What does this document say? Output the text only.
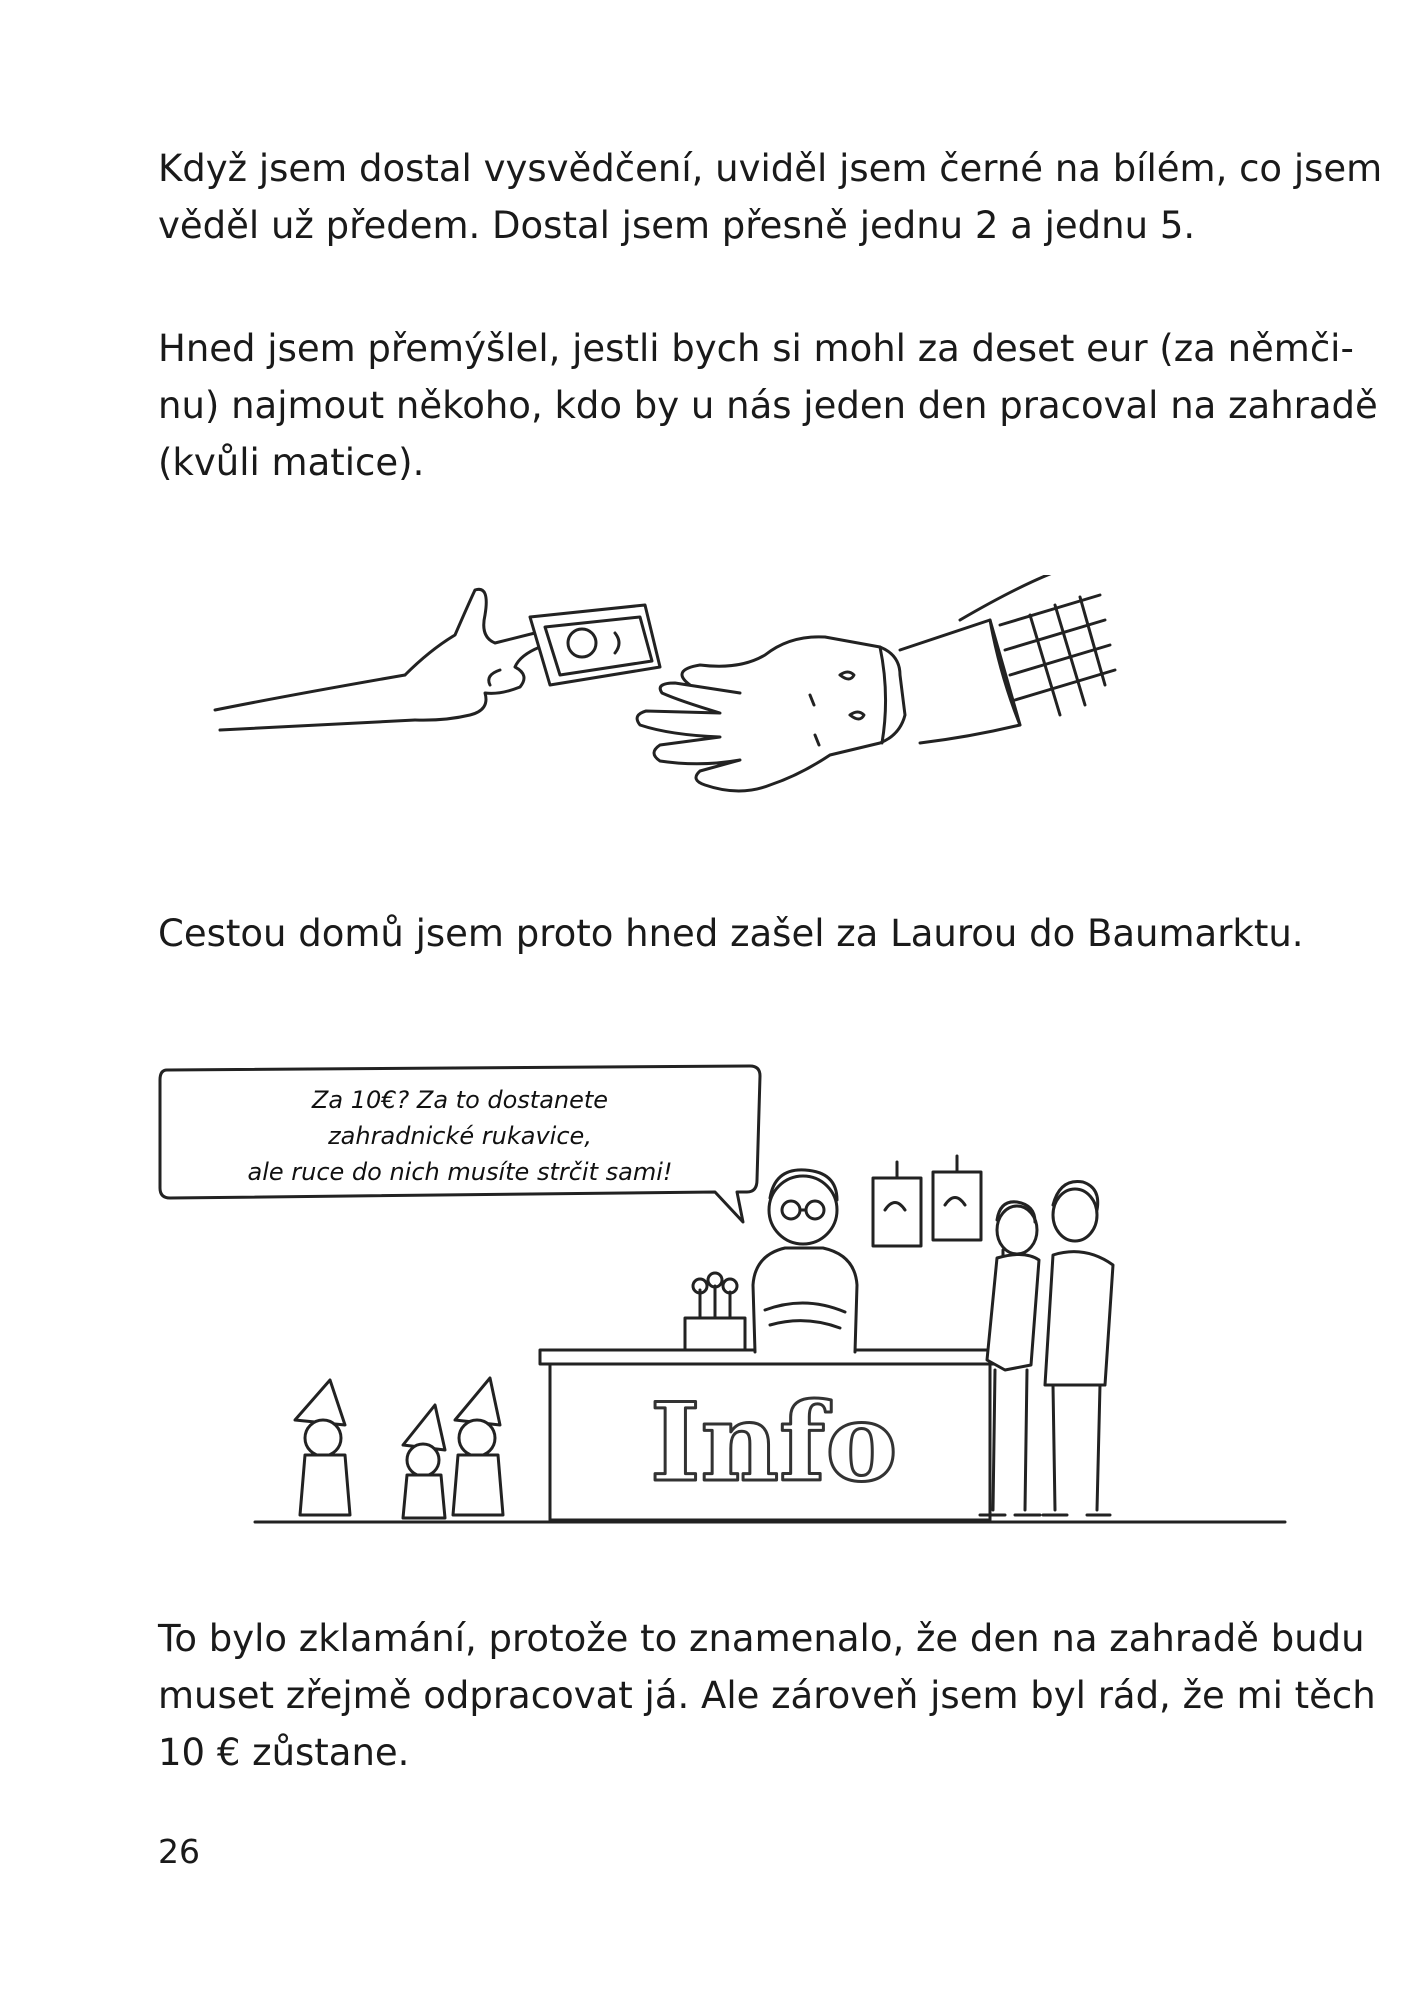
Když jsem dostal vysvědčení, uviděl jsem černé na bílém, co jsem
věděl už předem. Dostal jsem přesně jednu 2 a jednu 5.

Hned jsem přemýšlel, jestli bych si mohl za deset eur (za němči-
nu) najmout někoho, kdo by u nás jeden den pracoval na zahradě
(kvůli matice).

Cestou domů jsem proto hned zašel za Laurou do Baumarktu.

Za 10€? Za to dostanete
zahradnické rukavice,
ale ruce do nich musíte strčit sami!
Info

To bylo zklamání, protože to znamenalo, že den na zahradě budu
muset zřejmě odpracovat já. Ale zároveň jsem byl rád, že mi těch
10 € zůstane.

26
